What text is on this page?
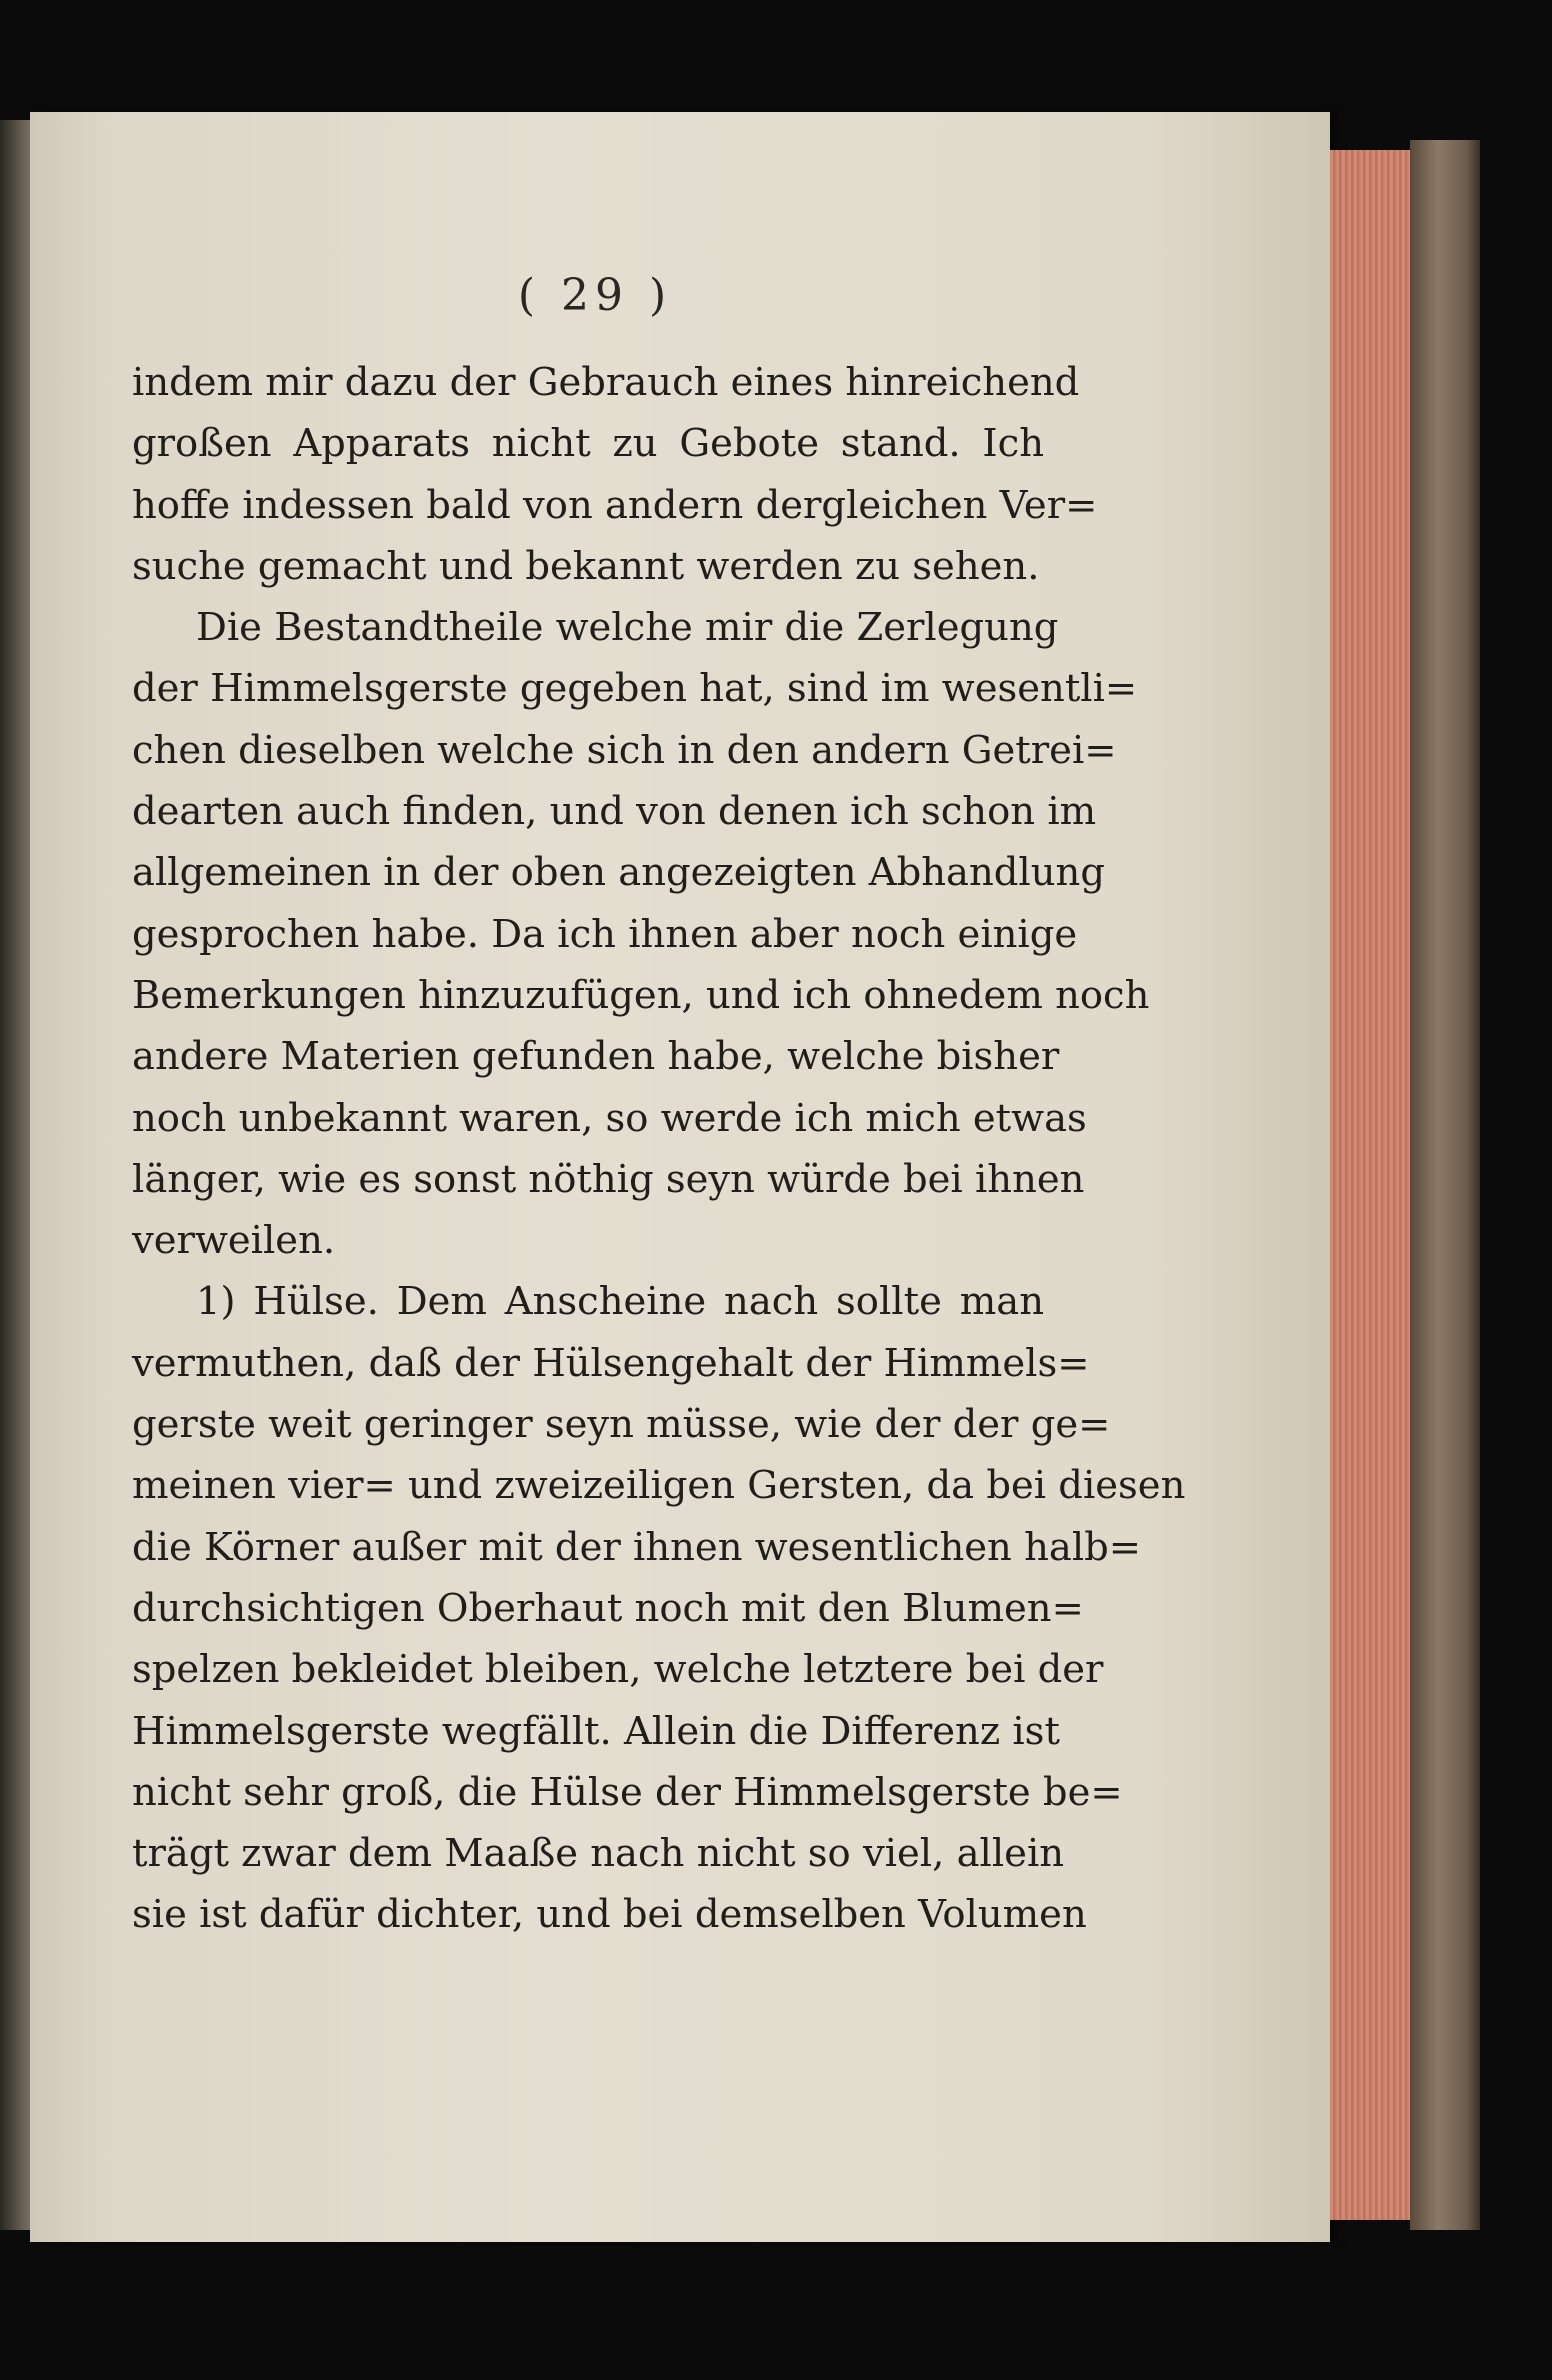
( 29 )
indem mir dazu der Gebrauch eines hinreichend
großen Apparats nicht zu Gebote stand. Ich
hoffe indessen bald von andern dergleichen Ver=
suche gemacht und bekannt werden zu sehen.
Die Bestandtheile welche mir die Zerlegung
der Himmelsgerste gegeben hat, sind im wesentli=
chen dieselben welche sich in den andern Getrei=
dearten auch finden, und von denen ich schon im
allgemeinen in der oben angezeigten Abhandlung
gesprochen habe. Da ich ihnen aber noch einige
Bemerkungen hinzuzufügen, und ich ohnedem noch
andere Materien gefunden habe, welche bisher
noch unbekannt waren, so werde ich mich etwas
länger, wie es sonst nöthig seyn würde bei ihnen
verweilen.
1) Hülse. Dem Anscheine nach sollte man
vermuthen, daß der Hülsengehalt der Himmels=
gerste weit geringer seyn müsse, wie der der ge=
meinen vier= und zweizeiligen Gersten, da bei diesen
die Körner außer mit der ihnen wesentlichen halb=
durchsichtigen Oberhaut noch mit den Blumen=
spelzen bekleidet bleiben, welche letztere bei der
Himmelsgerste wegfällt. Allein die Differenz ist
nicht sehr groß, die Hülse der Himmelsgerste be=
trägt zwar dem Maaße nach nicht so viel, allein
sie ist dafür dichter, und bei demselben Volumen
